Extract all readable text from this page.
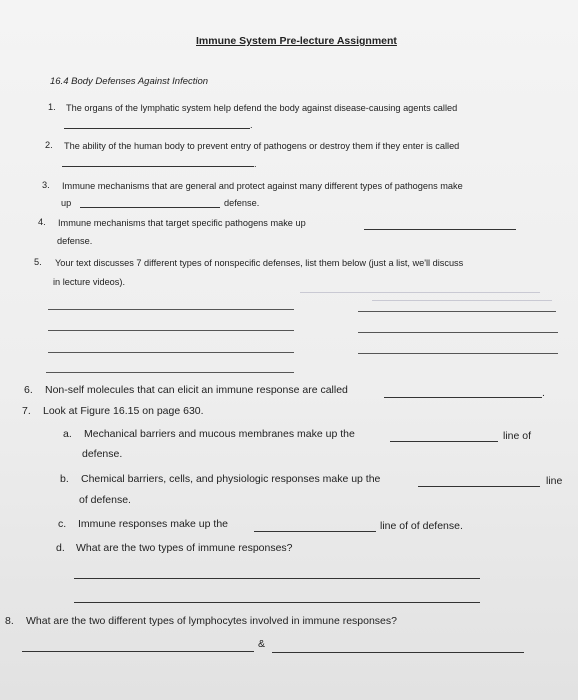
Immune System Pre-lecture Assignment
16.4 Body Defenses Against Infection
1. The organs of the lymphatic system help defend the body against disease-causing agents called
.
2. The ability of the human body to prevent entry of pathogens or destroy them if they enter is called
.
3. Immune mechanisms that are general and protect against many different types of pathogens make
up	defense.
4. Immune mechanisms that target specific pathogens make up
defense.
5. Your text discusses 7 different types of nonspecific defenses, list them below (just a list, we'll discuss
in lecture videos).
6. Non-self molecules that can elicit an immune response are called	.
7. Look at Figure 16.15 on page 630.
a. Mechanical barriers and mucous membranes make up the	line of
defense.
b. Chemical barriers, cells, and physiologic responses make up the	line
of defense.
c. Immune responses make up the	line of of defense.
d. What are the two types of immune responses?
8. What are the two different types of lymphocytes involved in immune responses?
&
